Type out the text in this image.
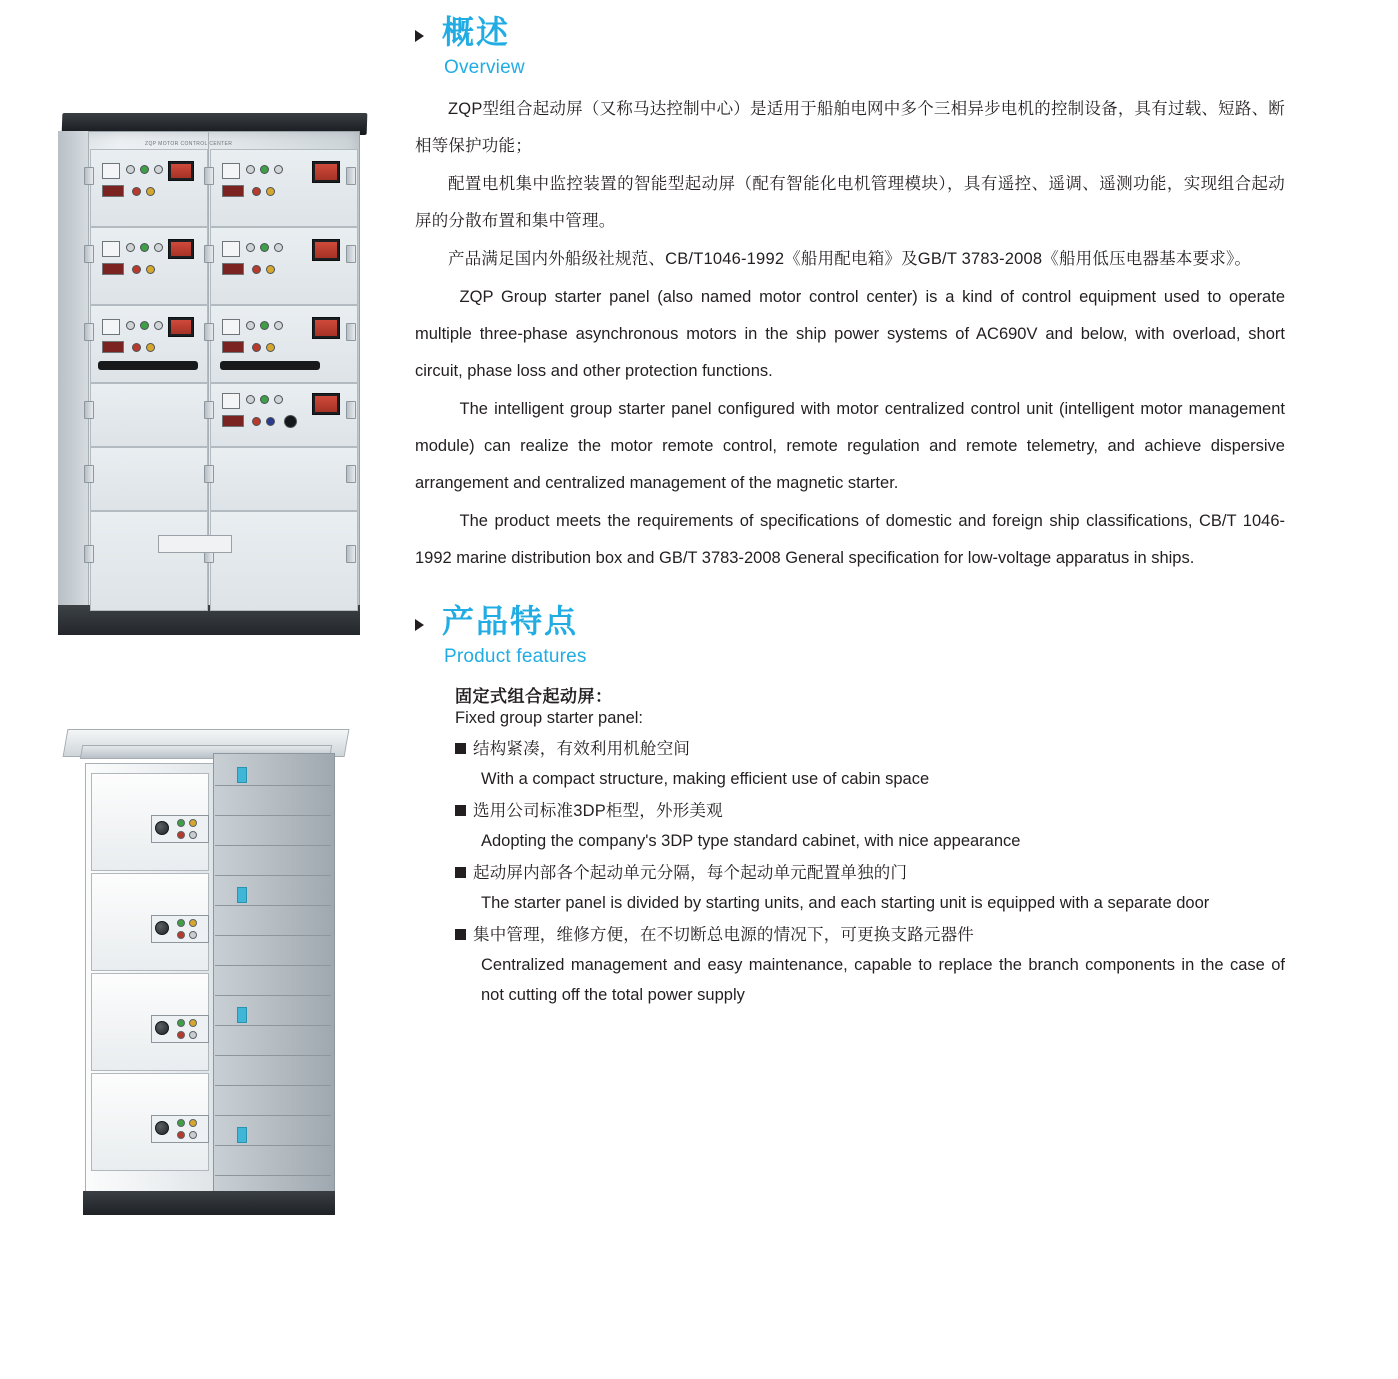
ZQP MOTOR CONTROL CENTER
概述
Overview

ZQP型组合起动屏（又称马达控制中心）是适用于船舶电网中多个三相异步电机的控制设备，具有过载、短路、断相等保护功能；

配置电机集中监控装置的智能型起动屏（配有智能化电机管理模块），具有遥控、遥调、遥测功能，实现组合起动屏的分散布置和集中管理。

产品满足国内外船级社规范、CB/T1046-1992《船用配电箱》及GB/T 3783-2008《船用低压电器基本要求》。

ZQP Group starter panel (also named motor control center) is a kind of control equipment used to operate multiple three-phase asynchronous motors in the ship power systems of AC690V and below, with overload, short circuit, phase loss and other protection functions.

The intelligent group starter panel configured with motor centralized control unit (intelligent motor management module) can realize the motor remote control, remote regulation and remote telemetry, and achieve dispersive arrangement and centralized management of the magnetic starter.

The product meets the requirements of specifications of domestic and foreign ship classifications, CB/T 1046-1992 marine distribution box and GB/T 3783-2008 General specification for low-voltage apparatus in ships.

产品特点
Product features
固定式组合起动屏：
Fixed group starter panel:
结构紧凑，有效利用机舱空间
With a compact structure, making efficient use of cabin space
选用公司标准3DP柜型，外形美观
Adopting the company's 3DP type standard cabinet, with nice appearance
起动屏内部各个起动单元分隔，每个起动单元配置单独的门
The starter panel is divided by starting units, and each starting unit is equipped with a separate door
集中管理，维修方便，在不切断总电源的情况下，可更换支路元器件
Centralized management and easy maintenance, capable to replace the branch components in the case of not cutting off the total power supply
